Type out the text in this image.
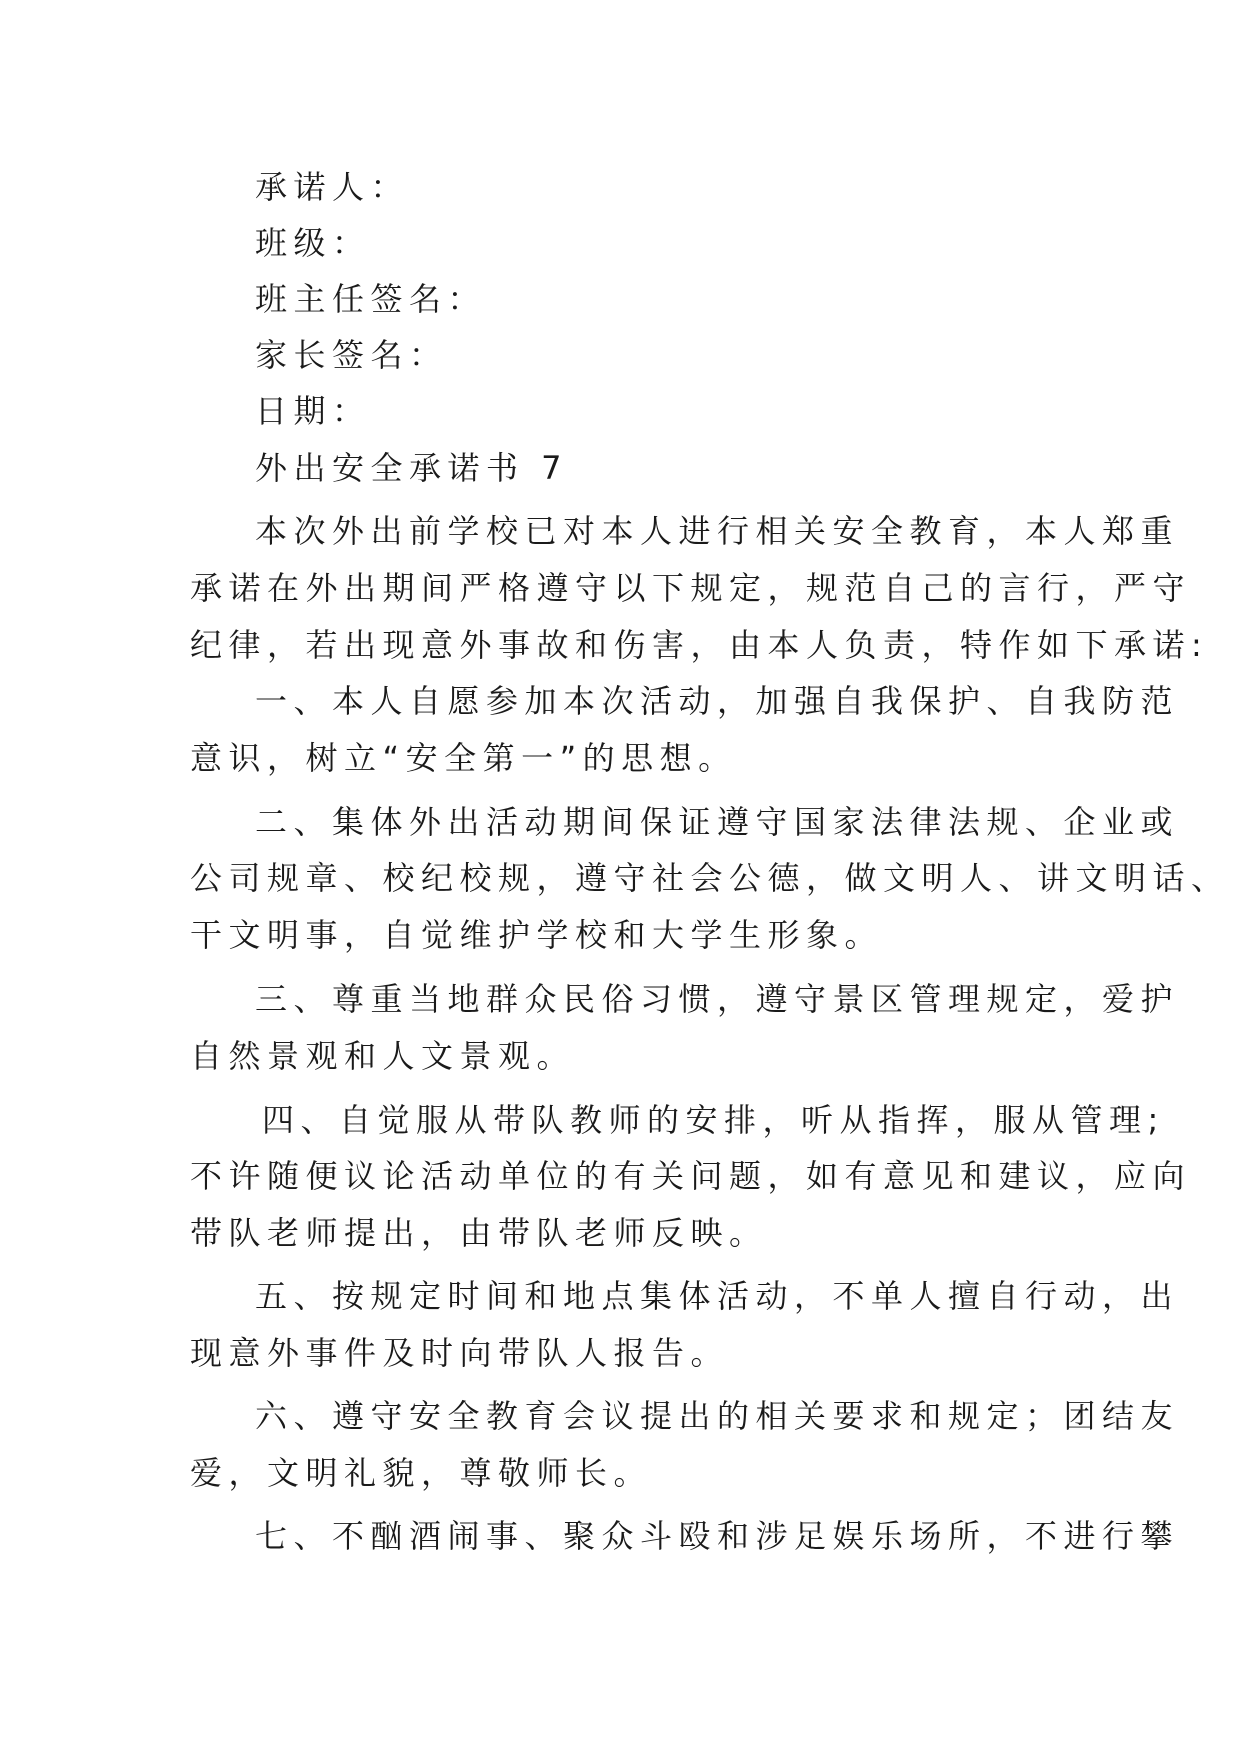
承诺人：

班级：

班主任签名：

家长签名：

日期：

外出安全承诺书 7

本次外出前学校已对本人进行相关安全教育，本人郑重

承诺在外出期间严格遵守以下规定，规范自己的言行，严守

纪律，若出现意外事故和伤害，由本人负责，特作如下承诺:

一、本人自愿参加本次活动，加强自我保护、自我防范

意识，树立“安全第一”的思想。

二、集体外出活动期间保证遵守国家法律法规、企业或

公司规章、校纪校规，遵守社会公德，做文明人、讲文明话、

干文明事，自觉维护学校和大学生形象。

三、尊重当地群众民俗习惯，遵守景区管理规定，爱护

自然景观和人文景观。

四、自觉服从带队教师的安排，听从指挥，服从管理;

不许随便议论活动单位的有关问题，如有意见和建议，应向

带队老师提出，由带队老师反映。

五、按规定时间和地点集体活动，不单人擅自行动，出

现意外事件及时向带队人报告。

六、遵守安全教育会议提出的相关要求和规定；团结友

爱，文明礼貌，尊敬师长。

七、不酗酒闹事、聚众斗殴和涉足娱乐场所，不进行攀
